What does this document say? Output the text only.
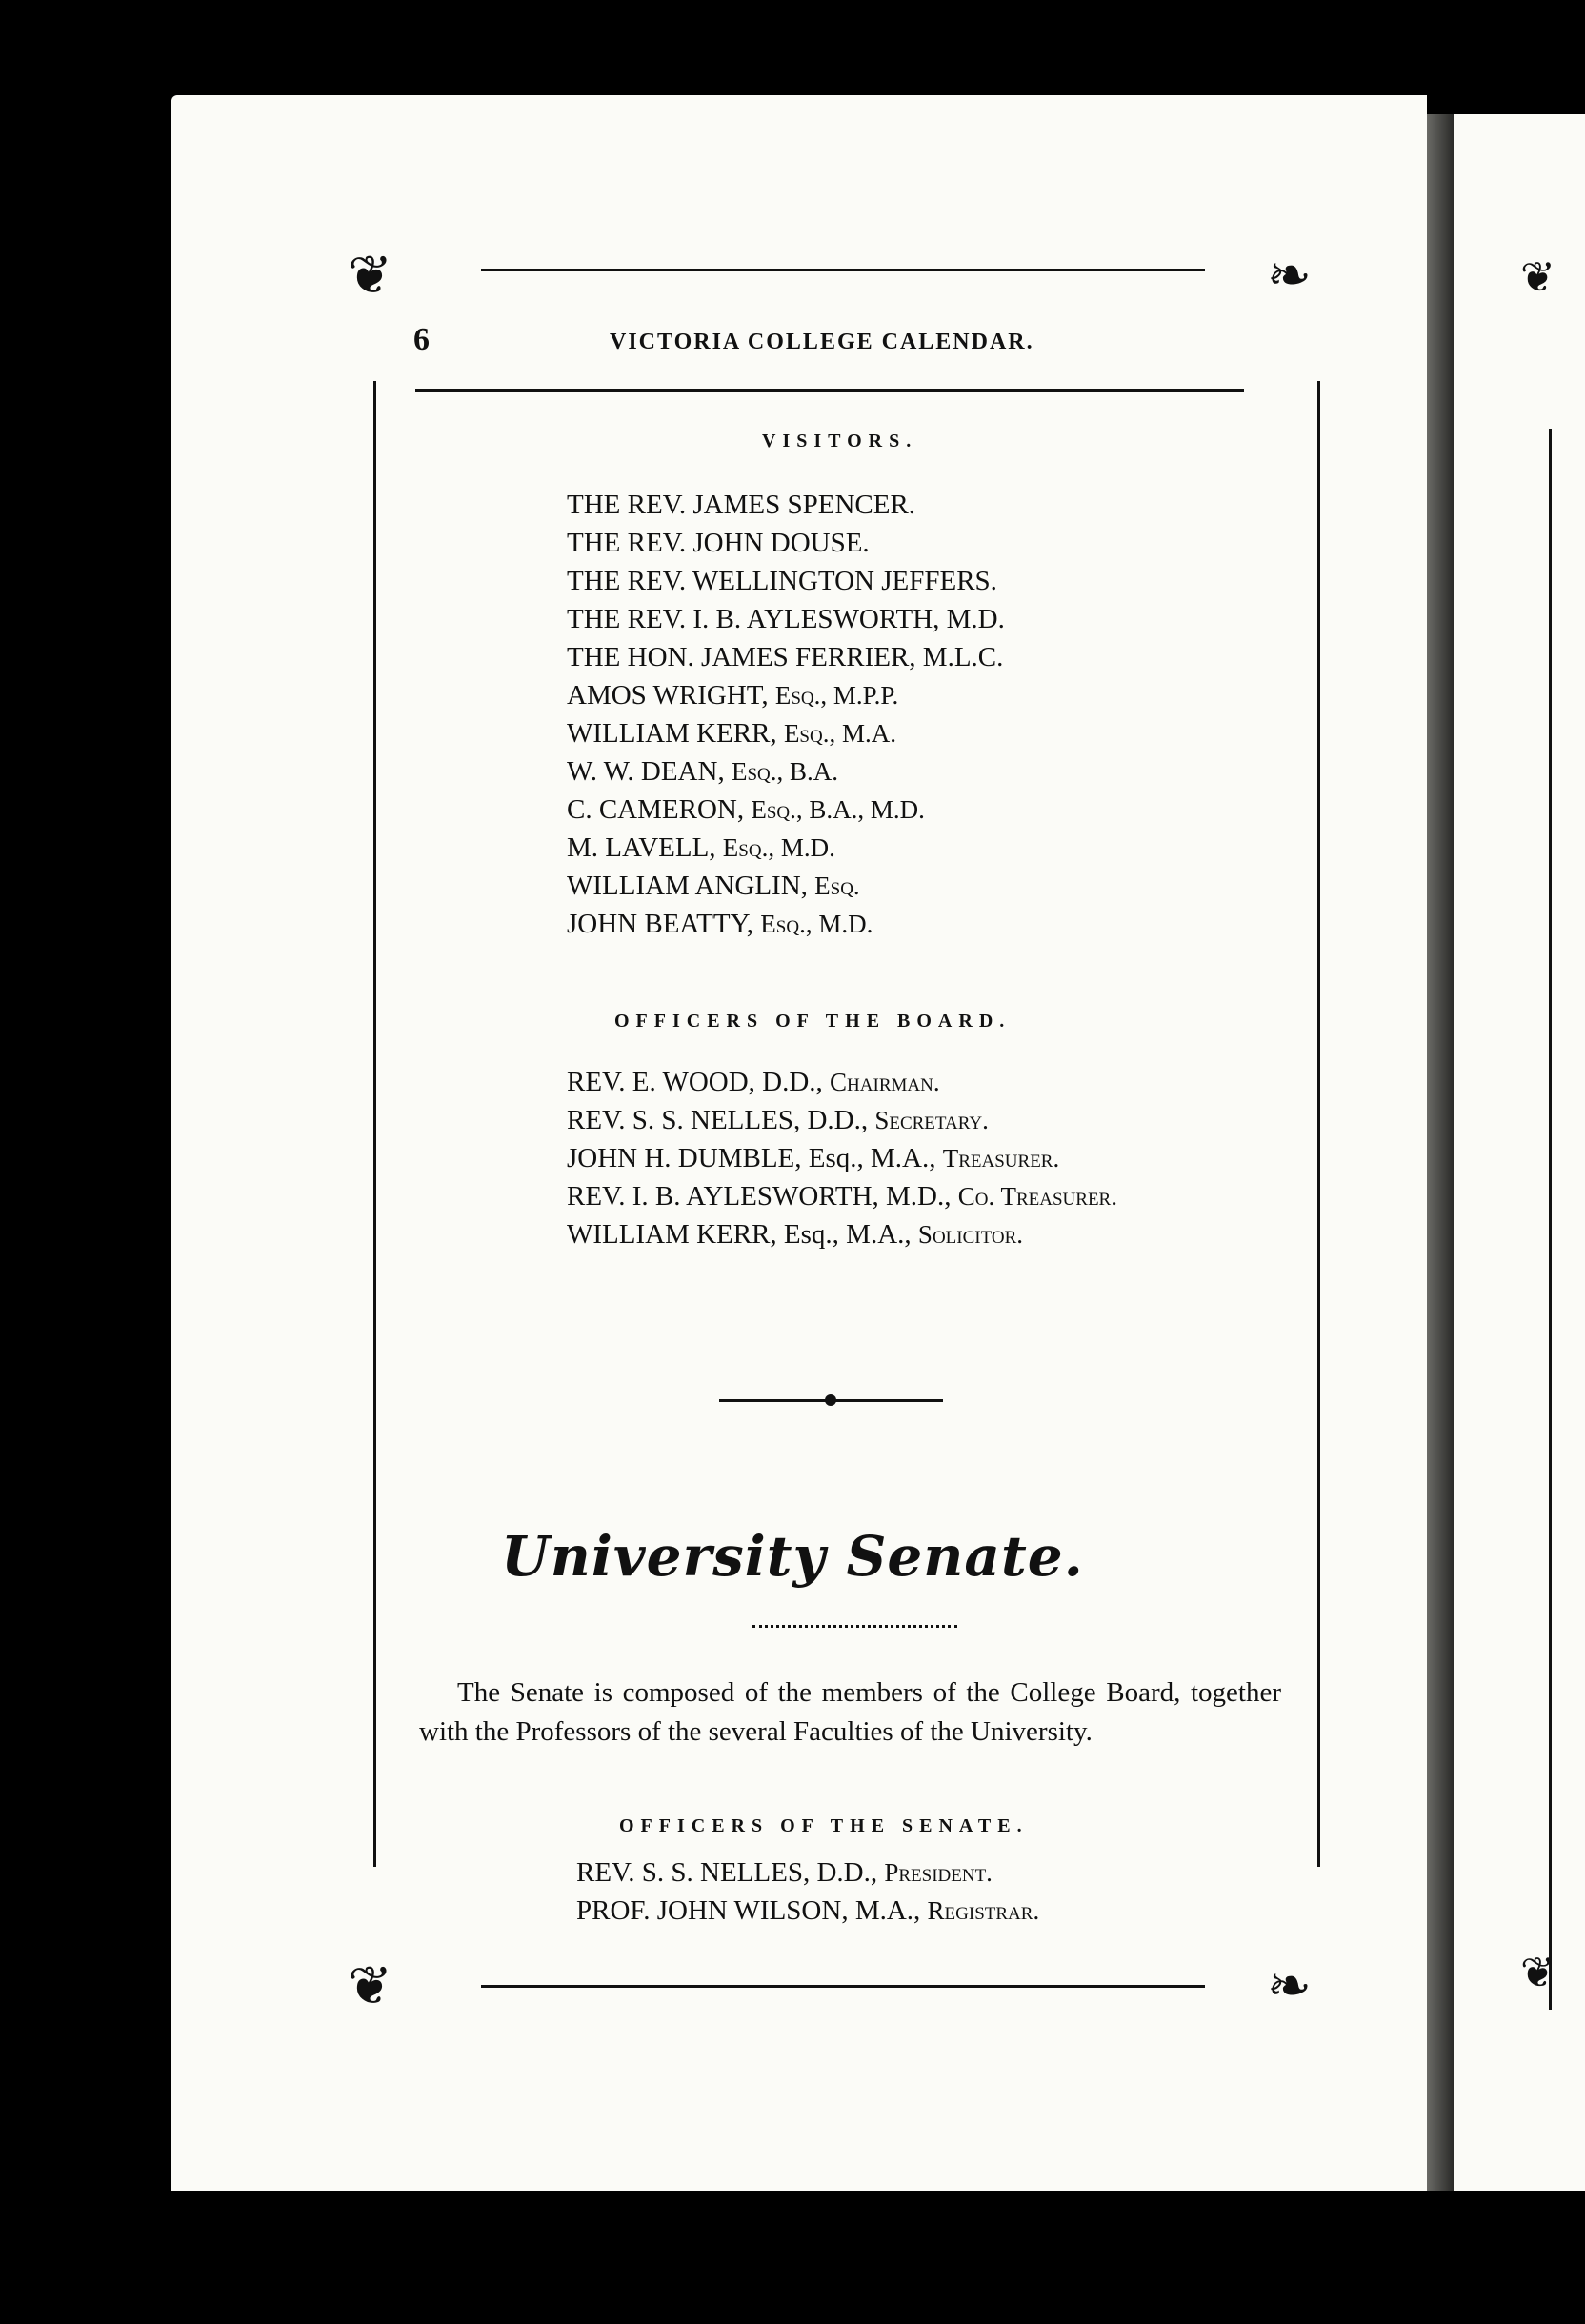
❦
❦
❦	❧
❦	❧
6	VICTORIA COLLEGE CALENDAR.
VISITORS.
THE REV. JAMES SPENCER.
THE REV. JOHN DOUSE.
THE REV. WELLINGTON JEFFERS.
THE REV. I. B. AYLESWORTH, M.D.
THE HON. JAMES FERRIER, M.L.C.
AMOS WRIGHT, Esq., M.P.P.
WILLIAM KERR, Esq., M.A.
W. W. DEAN, Esq., B.A.
C. CAMERON, Esq., B.A., M.D.
M. LAVELL, Esq., M.D.
WILLIAM ANGLIN, Esq.
JOHN BEATTY, Esq., M.D.
OFFICERS OF THE BOARD.
REV. E. WOOD, D.D., Chairman.
REV. S. S. NELLES, D.D., Secretary.
JOHN H. DUMBLE, Esq., M.A., Treasurer.
REV. I. B. AYLESWORTH, M.D., Co. Treasurer.
WILLIAM KERR, Esq., M.A., Solicitor.
University Senate.

The Senate is composed of the members of the College Board, together with the Professors of the several Faculties of the University.

OFFICERS OF THE SENATE.
REV. S. S. NELLES, D.D., President.
PROF. JOHN WILSON, M.A., Registrar.
